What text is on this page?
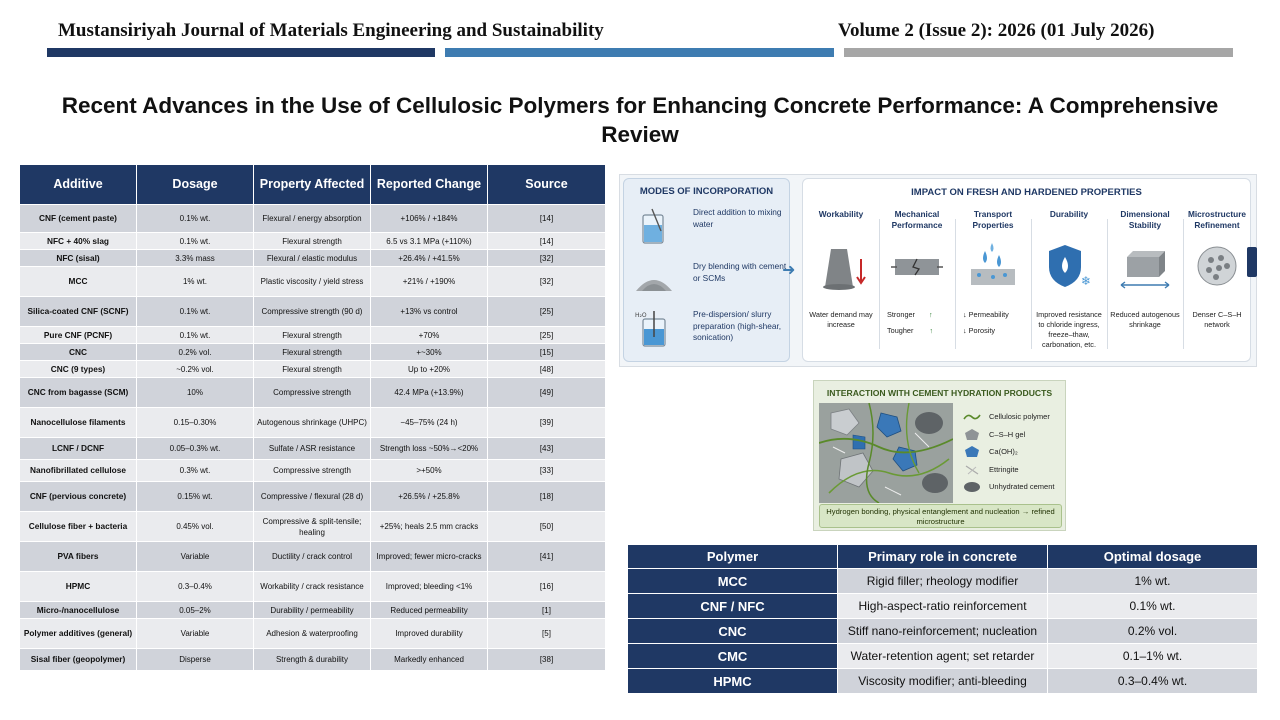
Mustansiriyah Journal of Materials Engineering and Sustainability	Volume 2 (Issue 2): 2026 (01 July 2026)
Recent Advances in the Use of Cellulosic Polymers for Enhancing Concrete Performance: A Comprehensive Review
Additive	Dosage	Property Affected	Reported Change	Source
CNF (cement paste)	0.1% wt.	Flexural / energy absorption	+106% / +184%	[14]
NFC + 40% slag	0.1% wt.	Flexural strength	6.5 vs 3.1 MPa (+110%)	[14]
NFC (sisal)	3.3% mass	Flexural / elastic modulus	+26.4% / +41.5%	[32]
MCC	1% wt.	Plastic viscosity / yield stress	+21% / +190%	[32]
Silica-coated CNF (SCNF)	0.1% wt.	Compressive strength (90 d)	+13% vs control	[25]
Pure CNF (PCNF)	0.1% wt.	Flexural strength	+70%	[25]
CNC	0.2% vol.	Flexural strength	+~30%	[15]
CNC (9 types)	~0.2% vol.	Flexural strength	Up to +20%	[48]
CNC from bagasse (SCM)	10%	Compressive strength	42.4 MPa (+13.9%)	[49]
Nanocellulose filaments	0.15–0.30%	Autogenous shrinkage (UHPC)	−45–75% (24 h)	[39]
LCNF / DCNF	0.05–0.3% wt.	Sulfate / ASR resistance	Strength loss ~50%→<20%	[43]
Nanofibrillated cellulose	0.3% wt.	Compressive strength	>+50%	[33]
CNF (pervious concrete)	0.15% wt.	Compressive / flexural (28 d)	+26.5% / +25.8%	[18]
Cellulose fiber + bacteria	0.45% vol.	Compressive & split-tensile; healing	+25%; heals 2.5 mm cracks	[50]
PVA fibers	Variable	Ductility / crack control	Improved; fewer micro-cracks	[41]
HPMC	0.3–0.4%	Workability / crack resistance	Improved; bleeding <1%	[16]
Micro-/nanocellulose	0.05–2%	Durability / permeability	Reduced permeability	[1]
Polymer additives (general)	Variable	Adhesion & waterproofing	Improved durability	[5]
Sisal fiber (geopolymer)	Disperse	Strength & durability	Markedly enhanced	[38]
MODES OF INCORPORATION
Direct addition to mixing water
Dry blending with cement or SCMs
H₂O	Pre-dispersion/ slurry preparation (high-shear, sonication)
➜
IMPACT ON FRESH AND HARDENED PROPERTIES
Workability
Water demand may increase
Mechanical Performance
Stronger ↑
Tougher ↑
Transport Properties
↓ Permeability
↓ Porosity
Durability
❄
Improved resistance to chloride ingress, freeze–thaw, carbonation, etc.
Dimensional Stability
Reduced autogenous shrinkage
Microstructure Refinement
Denser C–S–H network
INTERACTION WITH CEMENT HYDRATION PRODUCTS
Cellulosic polymer
C–S–H gel
Ca(OH)₂
Ettringite
Unhydrated cement
Hydrogen bonding, physical entanglement and nucleation → refined microstructure
Polymer	Primary role in concrete	Optimal dosage
MCC	Rigid filler; rheology modifier	1% wt.
CNF / NFC	High-aspect-ratio reinforcement	0.1% wt.
CNC	Stiff nano-reinforcement; nucleation	0.2% vol.
CMC	Water-retention agent; set retarder	0.1–1% wt.
HPMC	Viscosity modifier; anti-bleeding	0.3–0.4% wt.
